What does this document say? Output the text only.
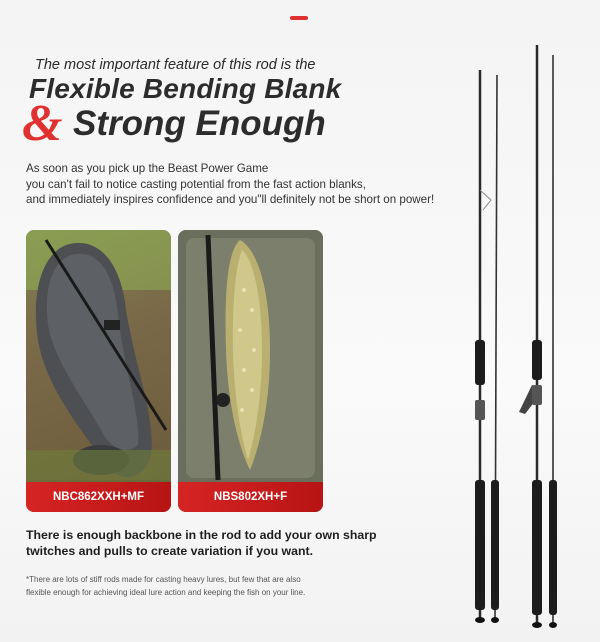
The most important feature of this rod is the
Flexible Bending Blank
& Strong Enough
As soon as you pick up the Beast Power Game
you can't fail to notice casting potential from the fast action blanks,
and immediately inspires confidence and you"ll definitely not be short on power!
NBC862XXH+MF	NBS802XH+F
There is enough backbone in the rod to add your own sharp
twitches and pulls to create variation if you want.
*There are lots of stiff rods made for casting heavy lures, but few that are also
flexible enough for achieving ideal lure action and keeping the fish on your line.
